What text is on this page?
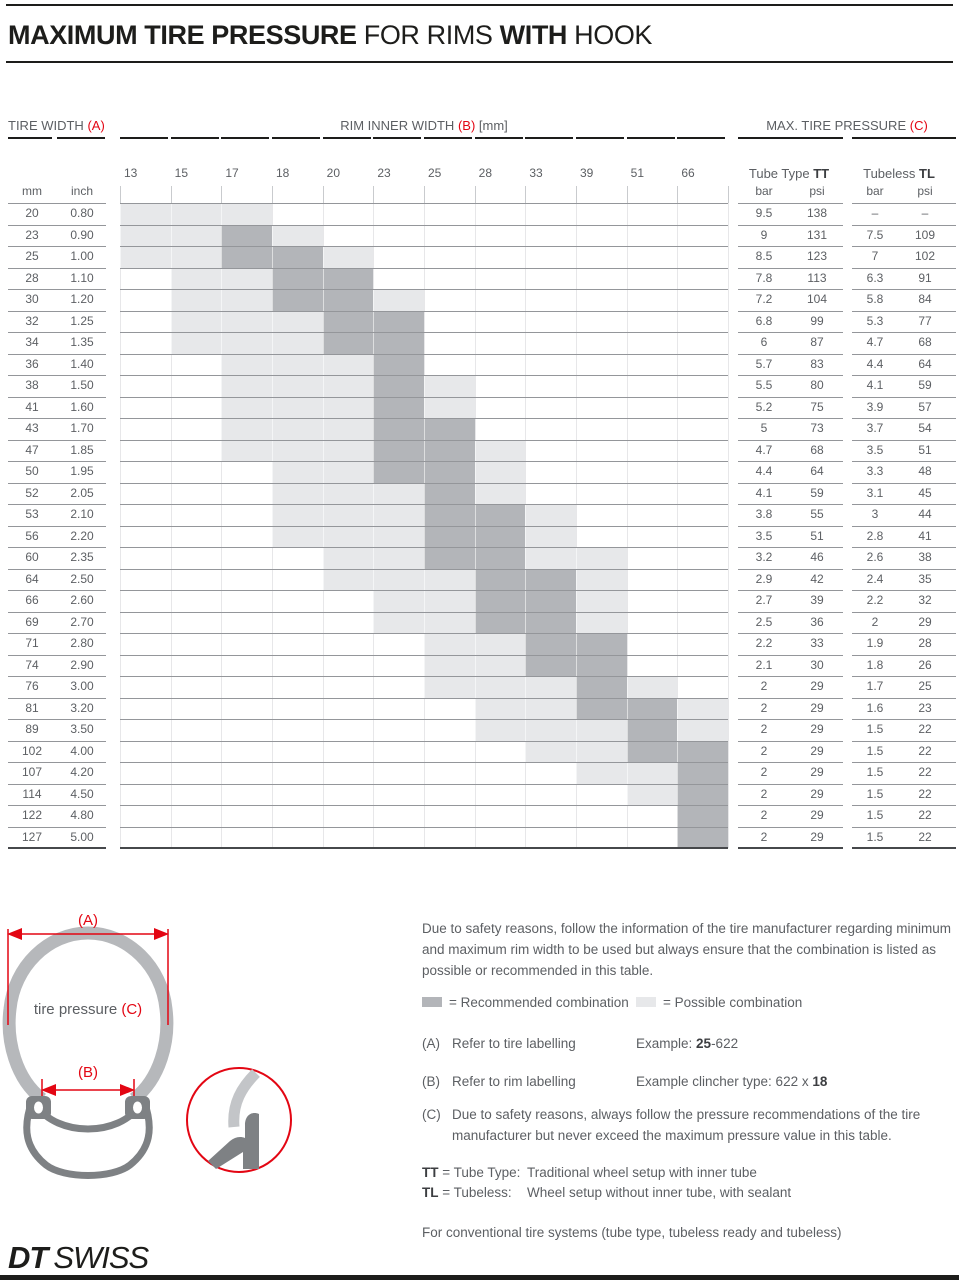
MAXIMUM TIRE PRESSURE FOR RIMS WITH HOOK
TIRE WIDTH (A)	RIM INNER WIDTH (B) [mm]	MAX. TIRE PRESSURE (C)
mm	inch
13	15	17	18	20	23	25	28	33	39	51	66	Tube Type TT	Tubeless TL
bar	psi	bar	psi
20	0.80	9.5	138	–	–
23	0.90	9	131	7.5	109
25	1.00	8.5	123	7	102
28	1.10	7.8	113	6.3	91
30	1.20	7.2	104	5.8	84
32	1.25	6.8	99	5.3	77
34	1.35	6	87	4.7	68
36	1.40	5.7	83	4.4	64
38	1.50	5.5	80	4.1	59
41	1.60	5.2	75	3.9	57
43	1.70	5	73	3.7	54
47	1.85	4.7	68	3.5	51
50	1.95	4.4	64	3.3	48
52	2.05	4.1	59	3.1	45
53	2.10	3.8	55	3	44
56	2.20	3.5	51	2.8	41
60	2.35	3.2	46	2.6	38
64	2.50	2.9	42	2.4	35
66	2.60	2.7	39	2.2	32
69	2.70	2.5	36	2	29
71	2.80	2.2	33	1.9	28
74	2.90	2.1	30	1.8	26
76	3.00	2	29	1.7	25
81	3.20	2	29	1.6	23
89	3.50	2	29	1.5	22
102	4.00	2	29	1.5	22
107	4.20	2	29	1.5	22
114	4.50	2	29	1.5	22
122	4.80	2	29	1.5	22
127	5.00	2	29	1.5	22
(A)
tire pressure (C)
(B)
Due to safety reasons, follow the information of the tire manufacturer regarding minimum and maximum rim width to be used but always ensure that the combination is listed as possible or recommended in this table.
= Recommended combination	= Possible combination
(A) Refer to tire labelling	Example: 25-622
(B) Refer to rim labelling	Example clincher type: 622 x 18
(C) Due to safety reasons, always follow the pressure recommendations of the tire manufacturer but never exceed the maximum pressure value in this table.
TT = Tube Type: Traditional wheel setup with inner tube
TL = Tubeless: Wheel setup without inner tube, with sealant
For conventional tire systems (tube type, tubeless ready and tubeless)
DT SWISS
